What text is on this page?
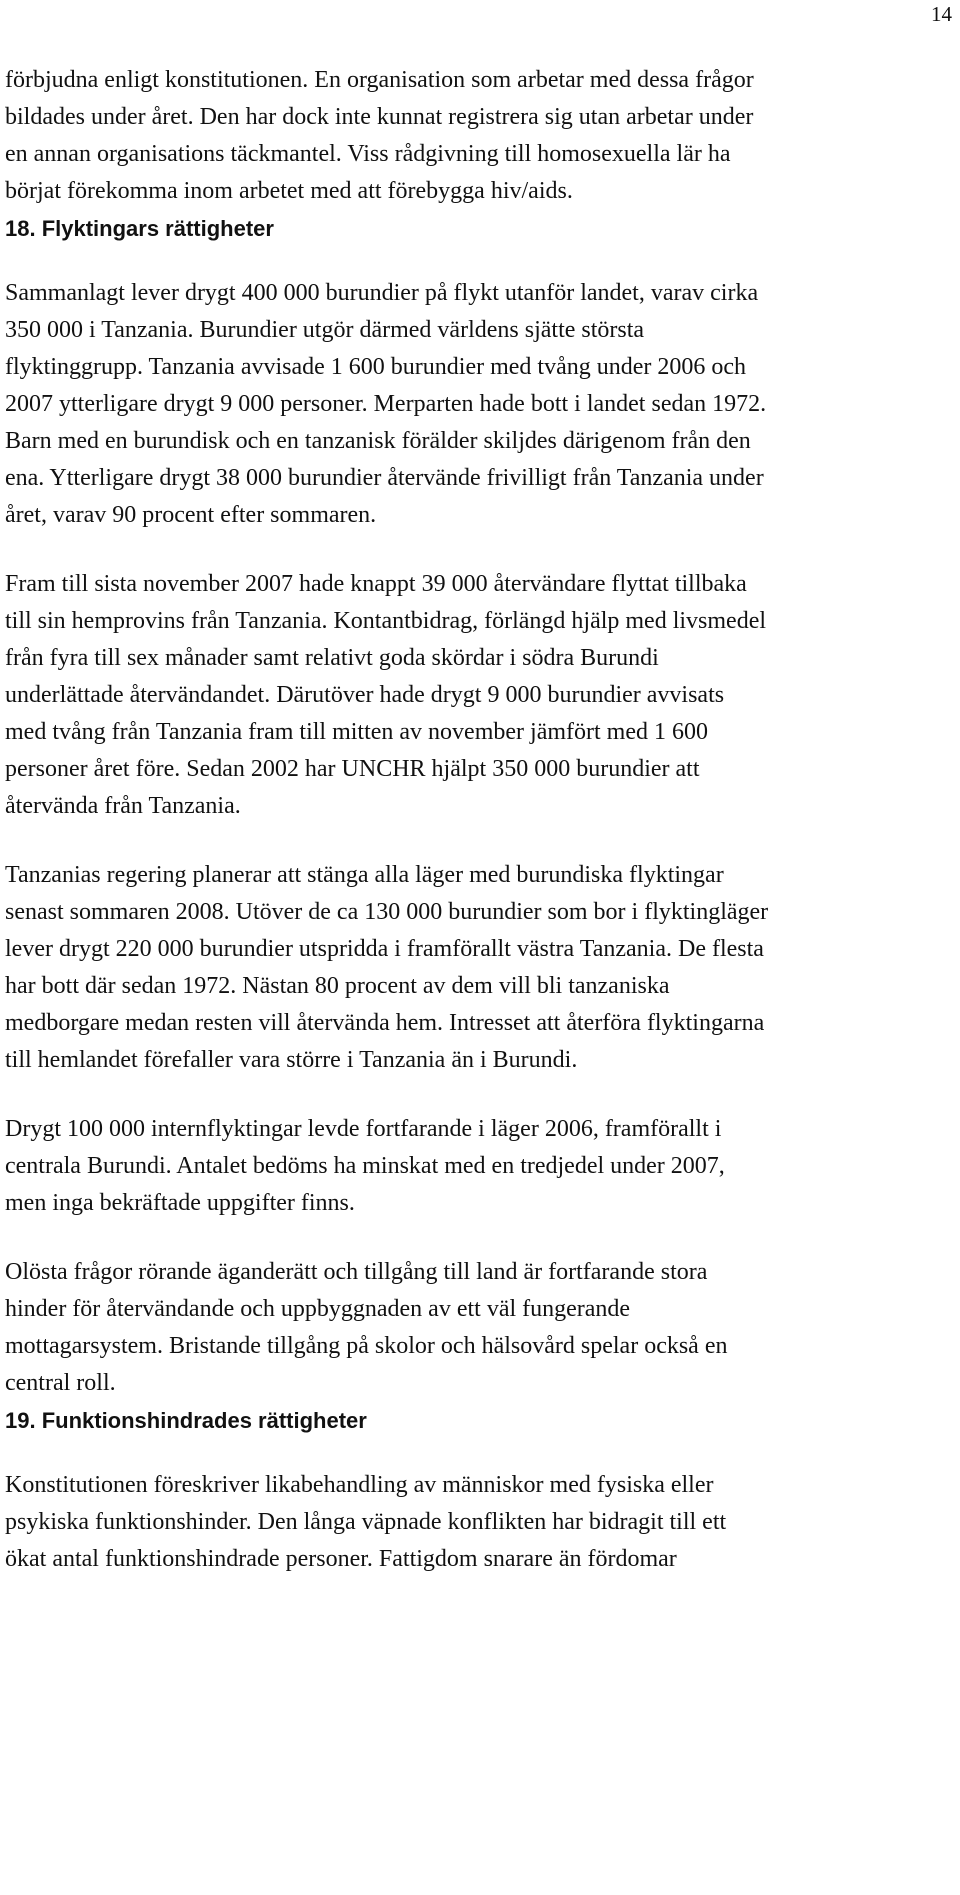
14

förbjudna enligt konstitutionen. En organisation som arbetar med dessa frågor
bildades under året. Den har dock inte kunnat registrera sig utan arbetar under
en annan organisations täckmantel. Viss rådgivning till homosexuella lär ha
börjat förekomma inom arbetet med att förebygga hiv/aids.

18. Flyktingars rättigheter

Sammanlagt lever drygt 400 000 burundier på flykt utanför landet, varav cirka
350 000 i Tanzania. Burundier utgör därmed världens sjätte största
flyktinggrupp. Tanzania avvisade 1 600 burundier med tvång under 2006 och
2007 ytterligare drygt 9 000 personer. Merparten hade bott i landet sedan 1972.
Barn med en burundisk och en tanzanisk förälder skiljdes därigenom från den
ena. Ytterligare drygt 38 000 burundier återvände frivilligt från Tanzania under
året, varav 90 procent efter sommaren.

Fram till sista november 2007 hade knappt 39 000 återvändare flyttat tillbaka
till sin hemprovins från Tanzania. Kontantbidrag, förlängd hjälp med livsmedel
från fyra till sex månader samt relativt goda skördar i södra Burundi
underlättade återvändandet. Därutöver hade drygt 9 000 burundier avvisats
med tvång från Tanzania fram till mitten av november jämfört med 1 600
personer året före. Sedan 2002 har UNCHR hjälpt 350 000 burundier att
återvända från Tanzania.

Tanzanias regering planerar att stänga alla läger med burundiska flyktingar
senast sommaren 2008. Utöver de ca 130 000 burundier som bor i flyktingläger
lever drygt 220 000 burundier utspridda i framförallt västra Tanzania. De flesta
har bott där sedan 1972. Nästan 80 procent av dem vill bli tanzaniska
medborgare medan resten vill återvända hem. Intresset att återföra flyktingarna
till hemlandet förefaller vara större i Tanzania än i Burundi.

Drygt 100 000 internflyktingar levde fortfarande i läger 2006, framförallt i
centrala Burundi. Antalet bedöms ha minskat med en tredjedel under 2007,
men inga bekräftade uppgifter finns.

Olösta frågor rörande äganderätt och tillgång till land är fortfarande stora
hinder för återvändande och uppbyggnaden av ett väl fungerande
mottagarsystem. Bristande tillgång på skolor och hälsovård spelar också en
central roll.

19. Funktionshindrades rättigheter

Konstitutionen föreskriver likabehandling av människor med fysiska eller
psykiska funktionshinder. Den långa väpnade konflikten har bidragit till ett
ökat antal funktionshindrade personer. Fattigdom snarare än fördomar
